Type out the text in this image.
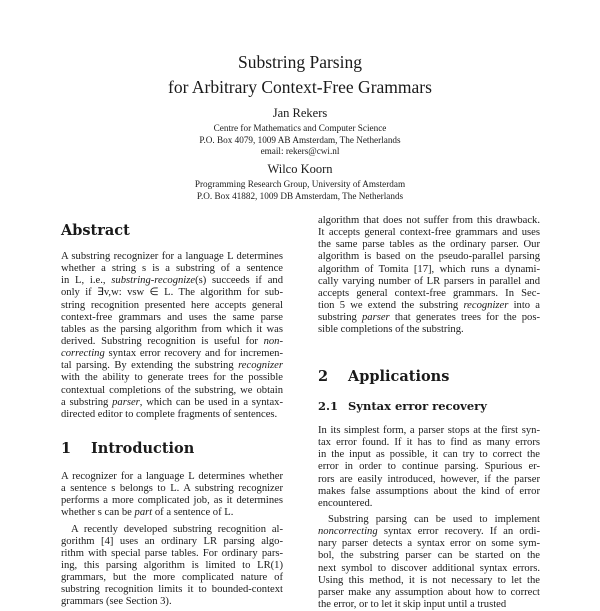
Substring Parsing
for Arbitrary Context-Free Grammars
Jan Rekers
Centre for Mathematics and Computer Science
P.O. Box 4079, 1009 AB Amsterdam, The Netherlands
email: rekers@cwi.nl
Wilco Koorn
Programming Research Group, University of Amsterdam
P.O. Box 41882, 1009 DB Amsterdam, The Netherlands
Abstract
A substring recognizer for a language L determines
whether a string s is a substring of a sentence
in L, i.e., substring-recognize(s) succeeds if and
only if ∃v,w: vsw ∈ L. The algorithm for sub-
string recognition presented here accepts general
context-free grammars and uses the same parse
tables as the parsing algorithm from which it was
derived. Substring recognition is useful for non-
correcting syntax error recovery and for incremen-
tal parsing. By extending the substring recognizer
with the ability to generate trees for the possible
contextual completions of the substring, we obtain
a substring parser, which can be used in a syntax-
directed editor to complete fragments of sentences.
1 Introduction
A recognizer for a language L determines whether
a sentence s belongs to L. A substring recognizer
performs a more complicated job, as it determines
whether s can be part of a sentence of L.
A recently developed substring recognition al-
gorithm [4] uses an ordinary LR parsing algo-
rithm with special parse tables. For ordinary pars-
ing, this parsing algorithm is limited to LR(1)
grammars, but the more complicated nature of
substring recognition limits it to bounded-context
grammars (see Section 3).
algorithm that does not suffer from this drawback.
It accepts general context-free grammars and uses
the same parse tables as the ordinary parser. Our
algorithm is based on the pseudo-parallel parsing
algorithm of Tomita [17], which runs a dynami-
cally varying number of LR parsers in parallel and
accepts general context-free grammars. In Sec-
tion 5 we extend the substring recognizer into a
substring parser that generates trees for the pos-
sible completions of the substring.
2 Applications
2.1 Syntax error recovery
In its simplest form, a parser stops at the first syn-
tax error found. If it has to find as many errors
in the input as possible, it can try to correct the
error in order to continue parsing. Spurious er-
rors are easily introduced, however, if the parser
makes false assumptions about the kind of error
encountered.
Substring parsing can be used to implement
noncorrecting syntax error recovery. If an ordi-
nary parser detects a syntax error on some sym-
bol, the substring parser can be started on the
next symbol to discover additional syntax errors.
Using this method, it is not necessary to let the
parser make any assumption about how to correct
the error, or to let it skip input until a trusted
